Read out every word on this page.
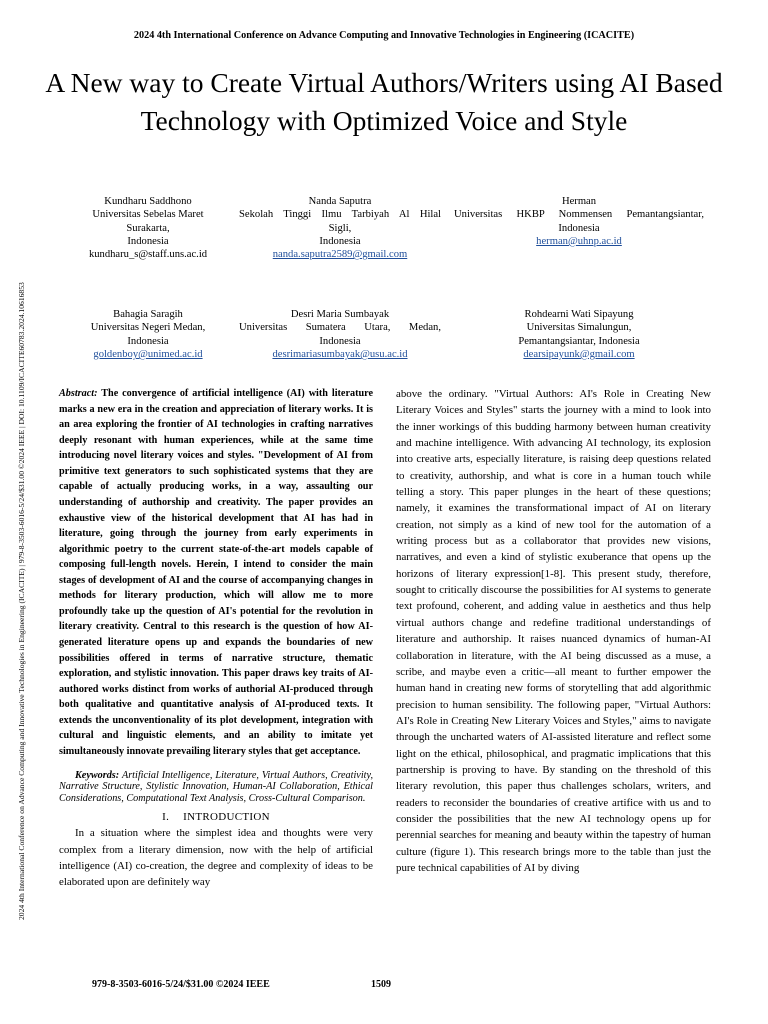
2024 4th International Conference on Advance Computing and Innovative Technologies in Engineering (ICACITE)
2024 4th International Conference on Advance Computing and Innovative Technologies in Engineering (ICACITE) | 979-8-3503-6016-5/24/$31.00 ©2024 IEEE | DOI: 10.1109/ICACITE60783.2024.10616853
A New way to Create Virtual Authors/Writers using AI Based Technology with Optimized Voice and Style
Kundharu Saddhono
Universitas Sebelas Maret
Surakarta,
Indonesia
kundharu_s@staff.uns.ac.id
Nanda Saputra
Sekolah Tinggi Ilmu Tarbiyah Al Hilal
Sigli,
Indonesia
nanda.saputra2589@gmail.com
Herman
Universitas HKBP Nommensen Pemantangsiantar,
Indonesia
herman@uhnp.ac.id
Bahagia Saragih
Universitas Negeri Medan,
Indonesia
goldenboy@unimed.ac.id
Desri Maria Sumbayak
Universitas Sumatera Utara, Medan,
Indonesia
desrimariasumbayak@usu.ac.id
Rohdearni Wati Sipayung
Universitas Simalungun,
Pemantangsiantar, Indonesia
dearsipayunk@gmail.com
Abstract: The convergence of artificial intelligence (AI) with literature marks a new era in the creation and appreciation of literary works. It is an area exploring the frontier of AI technologies in crafting narratives deeply resonant with human experiences, while at the same time introducing novel literary voices and styles. "Development of AI from primitive text generators to such sophisticated systems that they are capable of actually producing works, in a way, assaulting our understanding of authorship and creativity. The paper provides an exhaustive view of the historical development that AI has had in literature, going through the journey from early experiments in algorithmic poetry to the current state-of-the-art models capable of composing full-length novels. Herein, I intend to consider the main stages of development of AI and the course of accompanying changes in methods for literary production, which will allow me to more profoundly take up the question of AI's potential for the revolution in literary creativity. Central to this research is the question of how AI-generated literature opens up and expands the boundaries of new possibilities offered in terms of narrative structure, thematic exploration, and stylistic innovation. This paper draws key traits of AI-authored works distinct from works of authorial AI-produced through both qualitative and quantitative analysis of AI-produced texts. It extends the unconventionality of its plot development, integration with cultural and linguistic elements, and an ability to imitate yet simultaneously innovate prevailing literary styles that get acceptance.
Keywords: Artificial Intelligence, Literature, Virtual Authors, Creativity, Narrative Structure, Stylistic Innovation, Human-AI Collaboration, Ethical Considerations, Computational Text Analysis, Cross-Cultural Comparison.
I. INTRODUCTION
In a situation where the simplest idea and thoughts were very complex from a literary dimension, now with the help of artificial intelligence (AI) co-creation, the degree and complexity of ideas to be elaborated upon are definitely way
above the ordinary. "Virtual Authors: AI's Role in Creating New Literary Voices and Styles" starts the journey with a mind to look into the inner workings of this budding harmony between human creativity and machine intelligence. With advancing AI technology, its explosion into creative arts, especially literature, is raising deep questions related to creativity, authorship, and what is core in a human touch while telling a story. This paper plunges in the heart of these questions; namely, it examines the transformational impact of AI on literary creation, not simply as a kind of new tool for the automation of a writing process but as a collaborator that provides new visions, narratives, and even a kind of stylistic exuberance that opens up the horizons of literary expression[1-8]. This present study, therefore, sought to critically discourse the possibilities for AI systems to generate text profound, coherent, and adding value in aesthetics and thus help virtual authors change and redefine traditional understandings of literature and authorship. It raises nuanced dynamics of human-AI collaboration in literature, with the AI being discussed as a muse, a scribe, and maybe even a critic—all meant to further empower the human hand in creating new forms of storytelling that add algorithmic precision to human sensibility. The following paper, "Virtual Authors: AI's Role in Creating New Literary Voices and Styles," aims to navigate through the uncharted waters of AI-assisted literature and reflect some light on the ethical, philosophical, and pragmatic implications that this partnership is proving to have. By standing on the threshold of this literary revolution, this paper thus challenges scholars, writers, and readers to reconsider the boundaries of creative artifice with us and to consider the possibilities that the new AI technology opens up for perennial searches for meaning and beauty within the tapestry of human culture (figure 1). This research brings more to the table than just the pure technical capabilities of AI by diving
979-8-3503-6016-5/24/$31.00 ©2024 IEEE	1509
